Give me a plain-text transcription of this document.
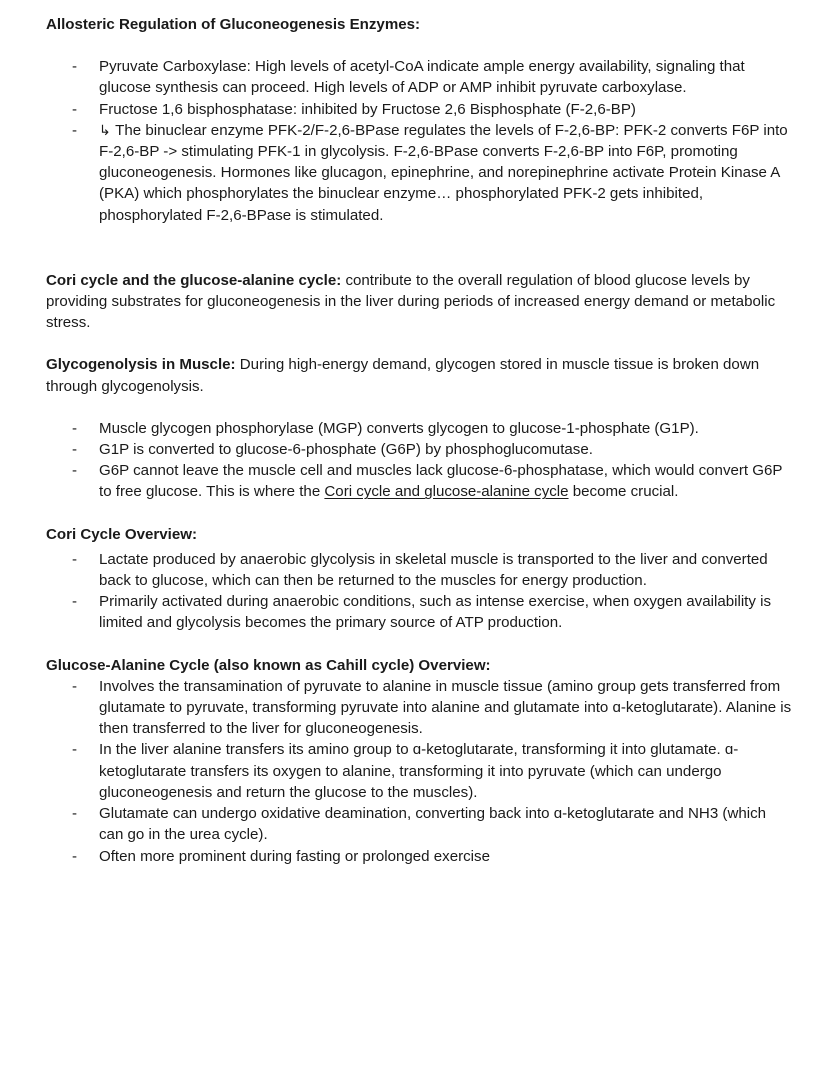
Allosteric Regulation of Gluconeogenesis Enzymes:
-	Pyruvate Carboxylase: High levels of acetyl-CoA indicate ample energy availability, signaling that glucose synthesis can proceed. High levels of ADP or AMP inhibit pyruvate carboxylase.
-	Fructose 1,6 bisphosphatase: inhibited by Fructose 2,6 Bisphosphate (F-2,6-BP)
-	↳ The binuclear enzyme PFK-2/F-2,6-BPase regulates the levels of F-2,6-BP: PFK-2 converts F6P into F-2,6-BP -> stimulating PFK-1 in glycolysis. F-2,6-BPase converts F-2,6-BP into F6P, promoting gluconeogenesis. Hormones like glucagon, epinephrine, and norepinephrine activate Protein Kinase A (PKA) which phosphorylates the binuclear enzyme… phosphorylated PFK-2 gets inhibited, phosphorylated F-2,6-BPase is stimulated.

Cori cycle and the glucose-alanine cycle: contribute to the overall regulation of blood glucose levels by providing substrates for gluconeogenesis in the liver during periods of increased energy demand or metabolic stress.

Glycogenolysis in Muscle: During high-energy demand, glycogen stored in muscle tissue is broken down through glycogenolysis.

-	Muscle glycogen phosphorylase (MGP) converts glycogen to glucose-1-phosphate (G1P).
-	G1P is converted to glucose-6-phosphate (G6P) by phosphoglucomutase.
-	G6P cannot leave the muscle cell and muscles lack glucose-6-phosphatase, which would convert G6P to free glucose. This is where the Cori cycle and glucose-alanine cycle become crucial.
Cori Cycle Overview:
-	Lactate produced by anaerobic glycolysis in skeletal muscle is transported to the liver and converted back to glucose, which can then be returned to the muscles for energy production.
-	Primarily activated during anaerobic conditions, such as intense exercise, when oxygen availability is limited and glycolysis becomes the primary source of ATP production.
Glucose-Alanine Cycle (also known as Cahill cycle) Overview:
-	Involves the transamination of pyruvate to alanine in muscle tissue (amino group gets transferred from glutamate to pyruvate, transforming pyruvate into alanine and glutamate into ɑ-ketoglutarate). Alanine is then transferred to the liver for gluconeogenesis.
-	In the liver alanine transfers its amino group to ɑ-ketoglutarate, transforming it into glutamate. ɑ-ketoglutarate transfers its oxygen to alanine, transforming it into pyruvate (which can undergo gluconeogenesis and return the glucose to the muscles).
-	Glutamate can undergo oxidative deamination, converting back into ɑ-ketoglutarate and NH3 (which can go in the urea cycle).
-	Often more prominent during fasting or prolonged exercise
